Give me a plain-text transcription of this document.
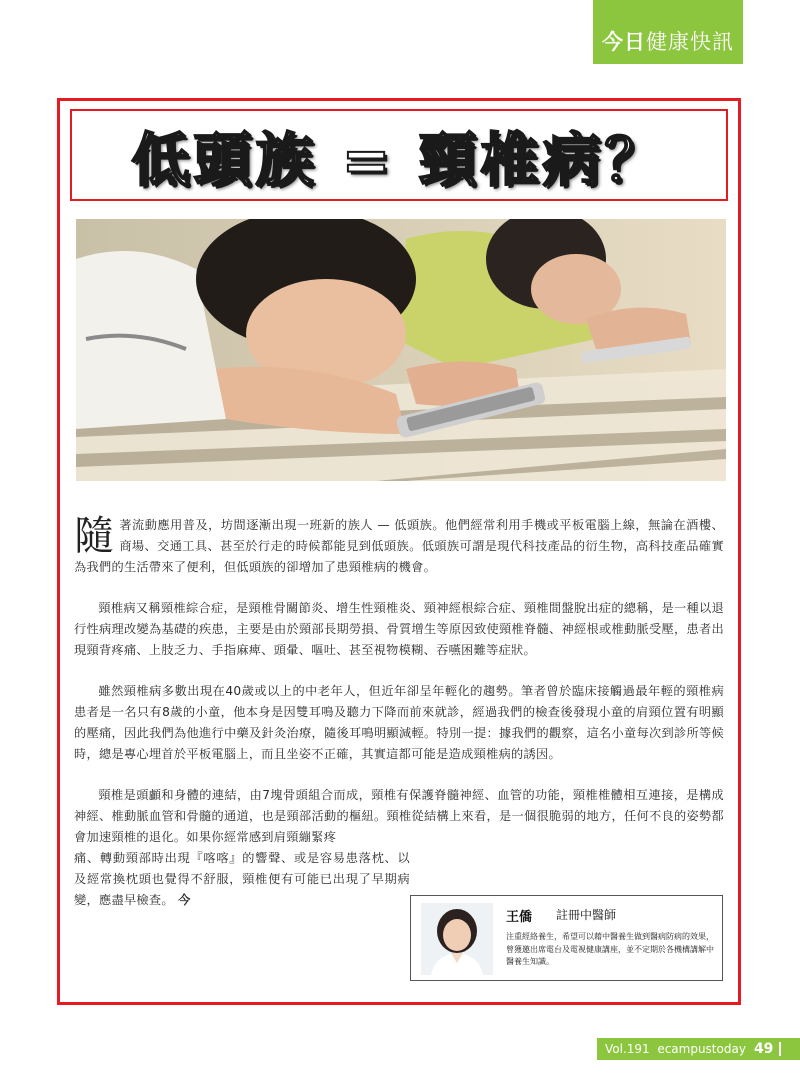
今日 健康快訊
低頭族 = 頸椎病？

隨著流動應用普及，坊間逐漸出現一班新的族人 — 低頭族。他們經常利用手機或平板電腦上線，無論在酒樓、商場、交通工具、甚至於行走的時候都能見到低頭族。低頭族可謂是現代科技產品的衍生物，高科技產品確實為我們的生活帶來了便利，但低頭族的卻增加了患頸椎病的機會。

頸椎病又稱頸椎綜合症，是頸椎骨關節炎、增生性頸椎炎、頸神經根綜合症、頸椎間盤脫出症的總稱，是一種以退行性病理改變為基礎的疾患，主要是由於頸部長期勞損、骨質增生等原因致使頸椎脊髓、神經根或椎動脈受壓，患者出現頸背疼痛、上肢乏力、手指麻痺、頭暈、嘔吐、甚至視物模糊、吞嚥困難等症狀。

雖然頸椎病多數出現在40歲或以上的中老年人，但近年卻呈年輕化的趨勢。筆者曾於臨床接觸過最年輕的頸椎病患者是一名只有8歲的小童，他本身是因雙耳鳴及聽力下降而前來就診，經過我們的檢查後發現小童的肩頸位置有明顯的壓痛，因此我們為他進行中藥及針灸治療，隨後耳鳴明顯減輕。特別一提：據我們的觀察，這名小童每次到診所等候時，總是專心埋首於平板電腦上，而且坐姿不正確，其實這都可能是造成頸椎病的誘因。

頸椎是頭顱和身體的連結，由7塊骨頭組合而成，頸椎有保護脊髓神經、血管的功能，頸椎椎體相互連接，是構成神經、椎動脈血管和骨髓的通道，也是頸部活動的樞紐。頸椎從結構上來看，是一個很脆弱的地方，任何不良的姿勢都會加速頸椎的退化。如果你經常感到肩頸繃緊疼

痛、轉動頸部時出現『喀喀』的響聲、或是容易患落枕、以及經常換枕頭也覺得不舒服，頸椎便有可能已出現了早期病變，應盡早檢查。 今

王僑 註冊中醫師

注重經絡養生，希望可以藉中醫養生做到醫病防病的效果，曾獲邀出席電台及電視健康講座，並不定期於各機構講解中醫養生知識。

Vol.191
ecampustoday 49
